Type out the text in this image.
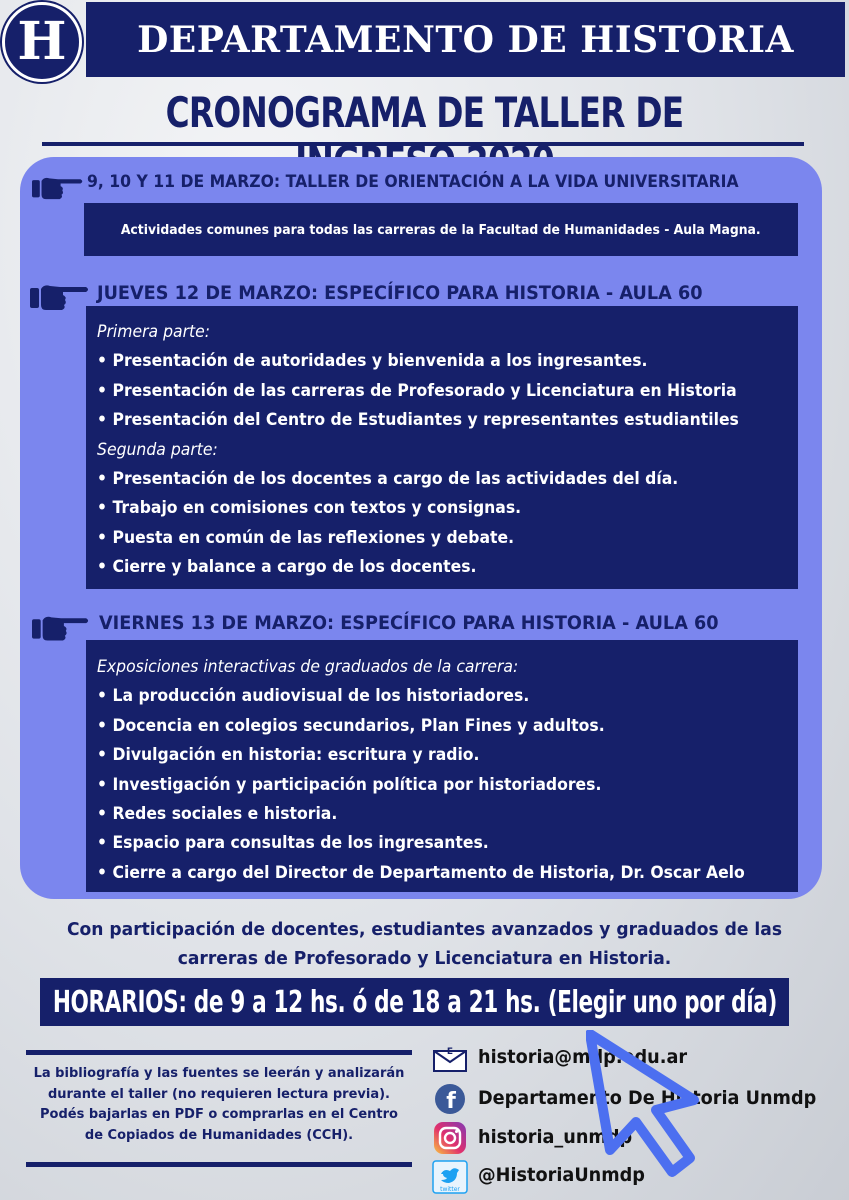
H DEPARTAMENTO DE HISTORIA
CRONOGRAMA DE TALLER DE
9, 10 Y 11 DE MARZO: TALLER DE ORIENTACIÓN A LA VIDA UNIVERSITARIA
Actividades comunes para todas las carreras de la Facultad de Humanidades - Aula Magna.
JUEVES 12 DE MARZO: ESPECÍFICO PARA HISTORIA - AULA 60
Primera parte:
• Presentación de autoridades y bienvenida a los ingresantes.
• Presentación de las carreras de Profesorado y Licenciatura en Historia
• Presentación del Centro de Estudiantes y representantes estudiantiles
Segunda parte:
• Presentación de los docentes a cargo de las actividades del día.
• Trabajo en comisiones con textos y consignas.
• Puesta en común de las reflexiones y debate.
• Cierre y balance a cargo de los docentes.
VIERNES 13 DE MARZO: ESPECÍFICO PARA HISTORIA - AULA 60
Exposiciones interactivas de graduados de la carrera:
• La producción audiovisual de los historiadores.
• Docencia en colegios secundarios, Plan Fines y adultos.
• Divulgación en historia: escritura y radio.
• Investigación y participación política por historiadores.
• Redes sociales e historia.
• Espacio para consultas de los ingresantes.
• Cierre a cargo del Director de Departamento de Historia, Dr. Oscar Aelo
Con participación de docentes, estudiantes avanzados y graduados de las
carreras de Profesorado y Licenciatura en Historia.
HORARIOS: de 9 a 12 hs. ó de 18 a 21 hs. (Elegir uno por día)
La bibliografía y las fuentes se leerán y analizarán
durante el taller (no requieren lectura previa).
Podés bajarlas en PDF o comprarlas en el Centro
de Copiados de Humanidades (CCH).
E historia@mdp.edu.ar
f Departamento De Historia Unmdp
historia_unmdp
twitter
@HistoriaUnmdp
